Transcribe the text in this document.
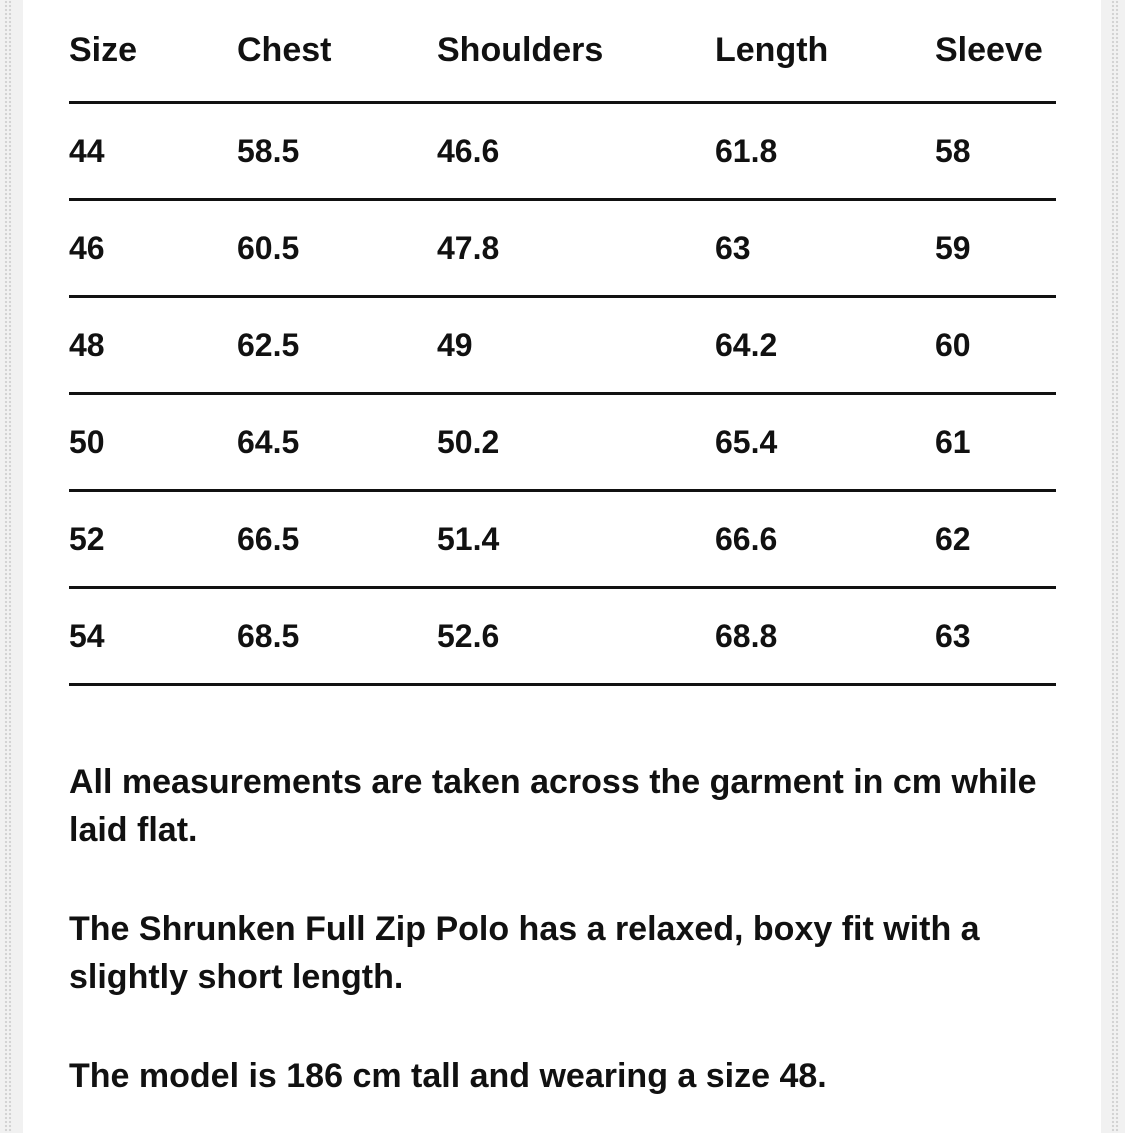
Size	Chest	Shoulders	Length	Sleeve
44	58.5	46.6	61.8	58
46	60.5	47.8	63	59
48	62.5	49	64.2	60
50	64.5	50.2	65.4	61
52	66.5	51.4	66.6	62
54	68.5	52.6	68.8	63

All measurements are taken across the garment in cm while laid flat.

The Shrunken Full Zip Polo has a relaxed, boxy fit with a slightly short length.

The model is 186 cm tall and wearing a size 48.
